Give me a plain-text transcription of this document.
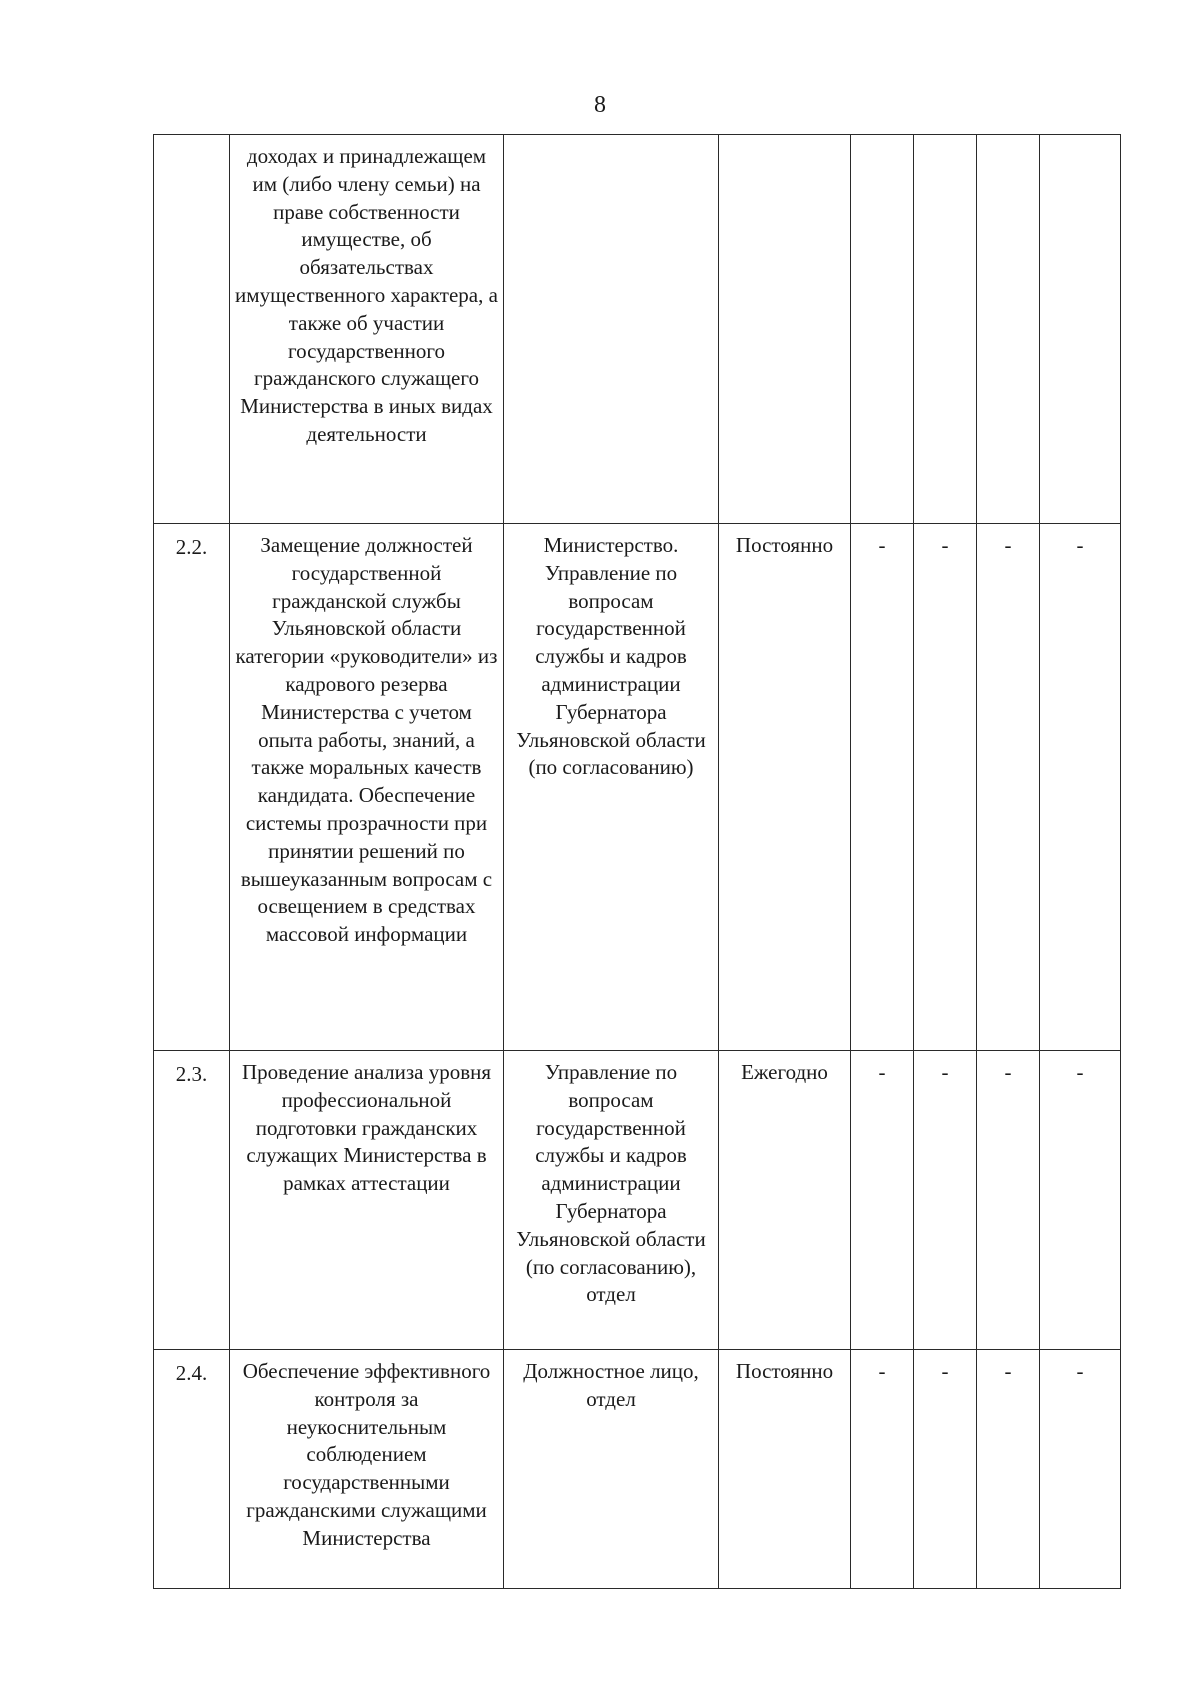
8
	доходах и принадлежащем им (либо члену семьи) на праве собственности имуществе, об обязательствах имущественного характера, а также об участии государственного гражданского служащего Министерства в иных видах деятельности						
2.2.	Замещение должностей государственной гражданской службы Ульяновской области категории «руководители» из кадрового резерва Министерства с учетом опыта работы, знаний, а также моральных качеств кандидата. Обеспечение системы прозрачности при принятии решений по вышеуказанным вопросам с освещением в средствах массовой информации	Министерство. Управление по вопросам государственной службы и кадров администрации Губернатора Ульяновской области (по согласованию)	Постоянно	-	-	-	-
2.3.	Проведение анализа уровня профессиональной подготовки гражданских служащих Министерства в рамках аттестации	Управление по вопросам государственной службы и кадров администрации Губернатора Ульяновской области (по согласованию), отдел	Ежегодно	-	-	-	-
2.4.	Обеспечение эффективного контроля за неукоснительным соблюдением государственными гражданскими служащими Министерства	Должностное лицо, отдел	Постоянно	-	-	-	-
